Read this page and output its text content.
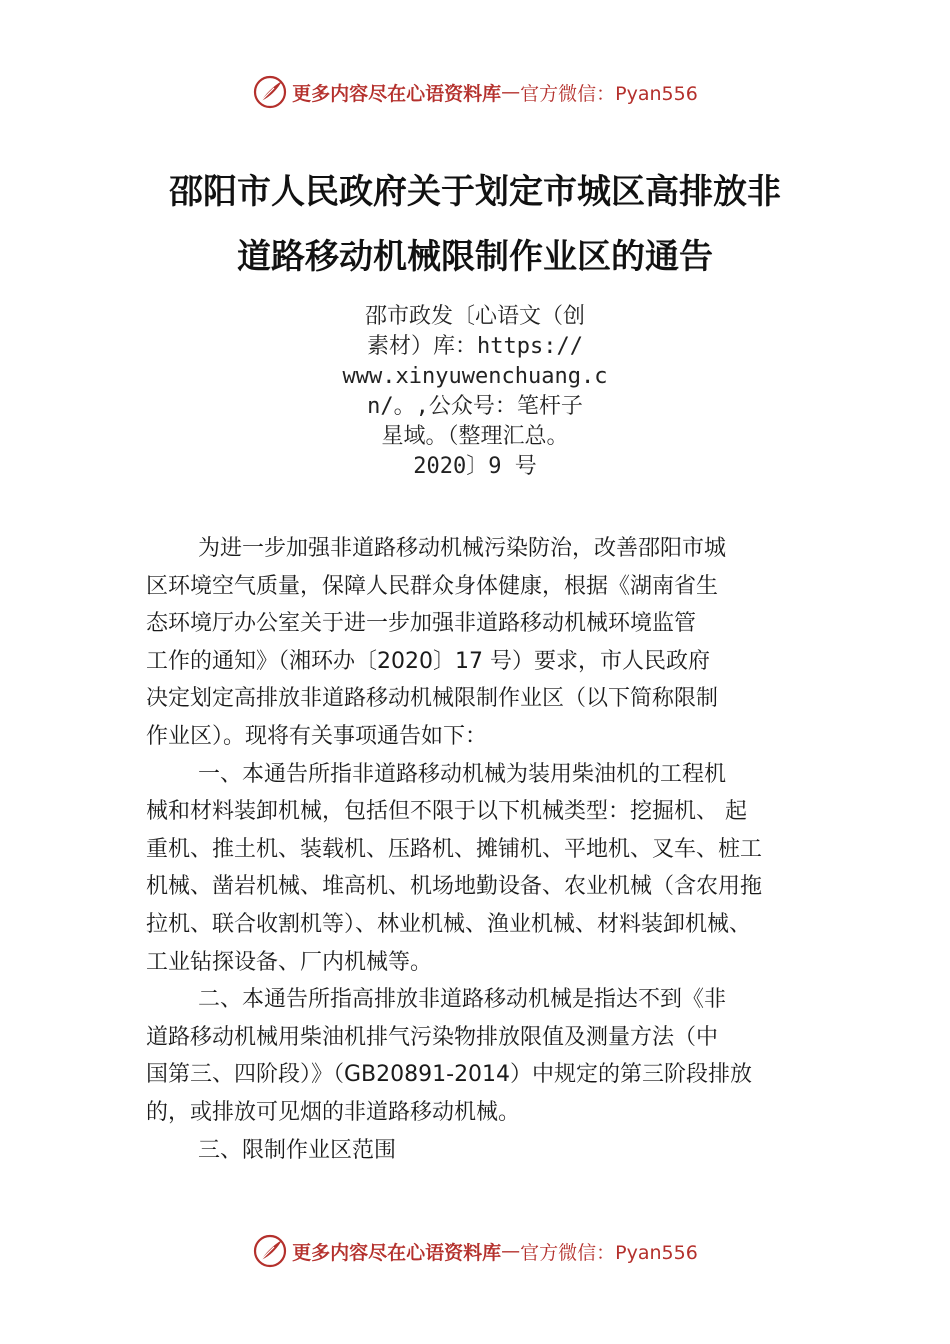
更多内容尽在心语资料库 — 官方微信：Pyan556
邵阳市人民政府关于划定市城区高排放非
道路移动机械限制作业区的通告
邵市政发〔心语文（创
素材）库：https://
www.xinyuwenchuang.c
n/。,公众号：笔杆子
星域。（整理汇总。
2020〕9 号
为进一步加强非道路移动机械污染防治，改善邵阳市城
区环境空气质量，保障人民群众身体健康，根据《湖南省生
态环境厅办公室关于进一步加强非道路移动机械环境监管
工作的通知》（湘环办〔2020〕17 号）要求，市人民政府
决定划定高排放非道路移动机械限制作业区（以下简称限制
作业区）。现将有关事项通告如下：
一、本通告所指非道路移动机械为装用柴油机的工程机
械和材料装卸机械，包括但不限于以下机械类型：挖掘机、 起
重机、推土机、装载机、压路机、摊铺机、平地机、叉车、桩工
机械、凿岩机械、堆高机、机场地勤设备、农业机械（含农用拖
拉机、联合收割机等）、林业机械、渔业机械、材料装卸机械、
工业钻探设备、厂内机械等。
二、本通告所指高排放非道路移动机械是指达不到《非
道路移动机械用柴油机排气污染物排放限值及测量方法（中
国第三、四阶段）》（GB20891-2014）中规定的第三阶段排放
的，或排放可见烟的非道路移动机械。
三、限制作业区范围
更多内容尽在心语资料库 — 官方微信：Pyan556
